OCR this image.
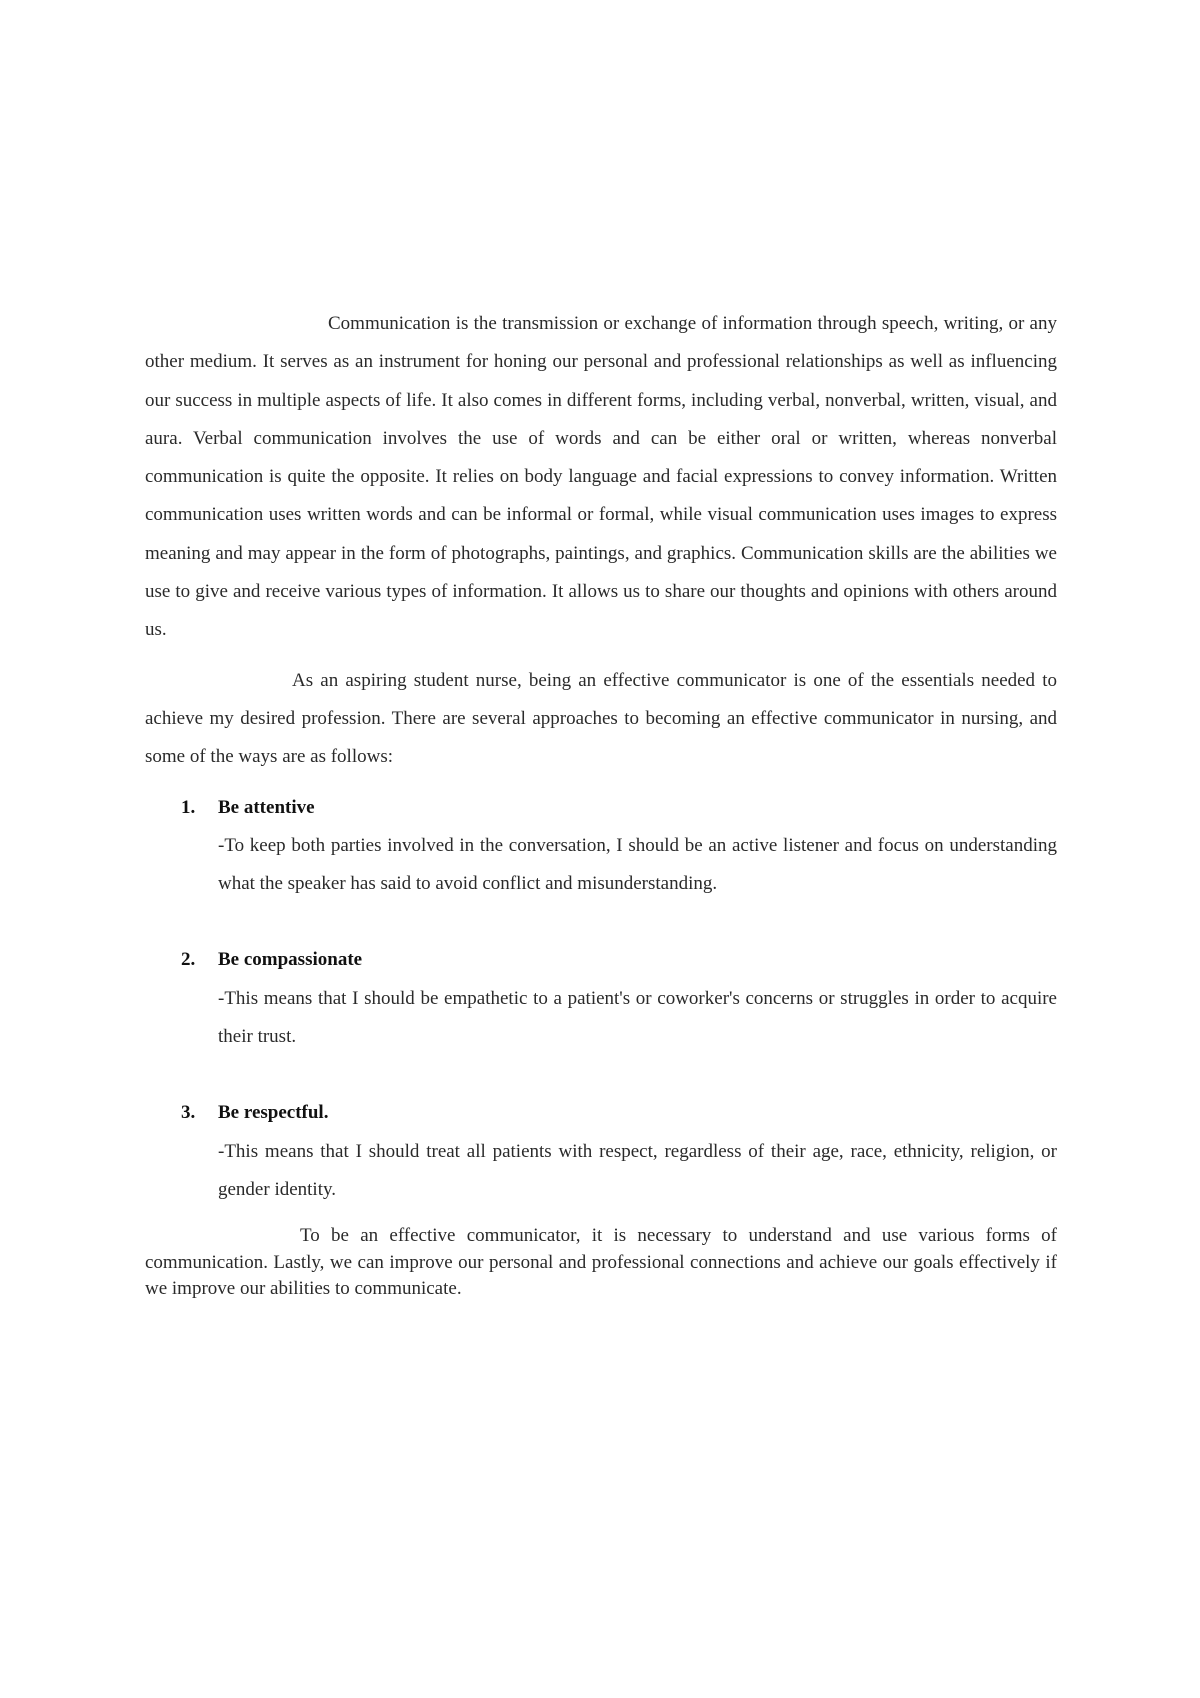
Communication is the transmission or exchange of information through speech, writing, or any other medium. It serves as an instrument for honing our personal and professional relationships as well as influencing our success in multiple aspects of life. It also comes in different forms, including verbal, nonverbal, written, visual, and aura. Verbal communication involves the use of words and can be either oral or written, whereas nonverbal communication is quite the opposite. It relies on body language and facial expressions to convey information. Written communication uses written words and can be informal or formal, while visual communication uses images to express meaning and may appear in the form of photographs, paintings, and graphics. Communication skills are the abilities we use to give and receive various types of information. It allows us to share our thoughts and opinions with others around us.

As an aspiring student nurse, being an effective communicator is one of the essentials needed to achieve my desired profession. There are several approaches to becoming an effective communicator in nursing, and some of the ways are as follows:

1. Be attentive
-To keep both parties involved in the conversation, I should be an active listener and focus on understanding what the speaker has said to avoid conflict and misunderstanding.
2. Be compassionate
-This means that I should be empathetic to a patient's or coworker's concerns or struggles in order to acquire their trust.
3. Be respectful.
-This means that I should treat all patients with respect, regardless of their age, race, ethnicity, religion, or gender identity.

To be an effective communicator, it is necessary to understand and use various forms of communication. Lastly, we can improve our personal and professional connections and achieve our goals effectively if we improve our abilities to communicate.
